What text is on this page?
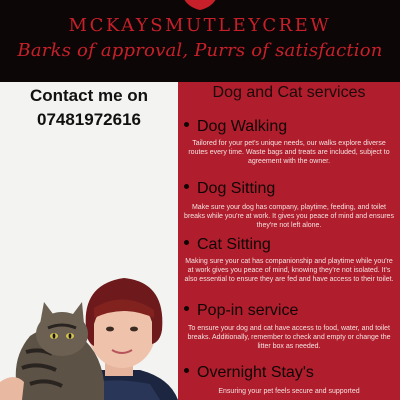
MCKAYSMUTLEYCREW
Barks of approval, Purrs of satisfaction
Contact me on
07481972616
Dog and Cat services
Dog Walking
Tailored for your pet's unique needs, our walks explore diverse routes every time. Waste bags and treats are included, subject to agreement with the owner.
Dog Sitting
Make sure your dog has company, playtime, feeding, and toilet breaks while you're at work. It gives you peace of mind and ensures they're not left alone.
Cat Sitting
Making sure your cat has companionship and playtime while you're at work gives you peace of mind, knowing they're not isolated. It's also essential to ensure they are fed and have access to their toilet.
Pop-in service
To ensure your dog and cat have access to food, water, and toilet breaks. Additionally, remember to check and empty or change the litter box as needed.
Overnight Stay's
Ensuring your pet feels secure and supported
